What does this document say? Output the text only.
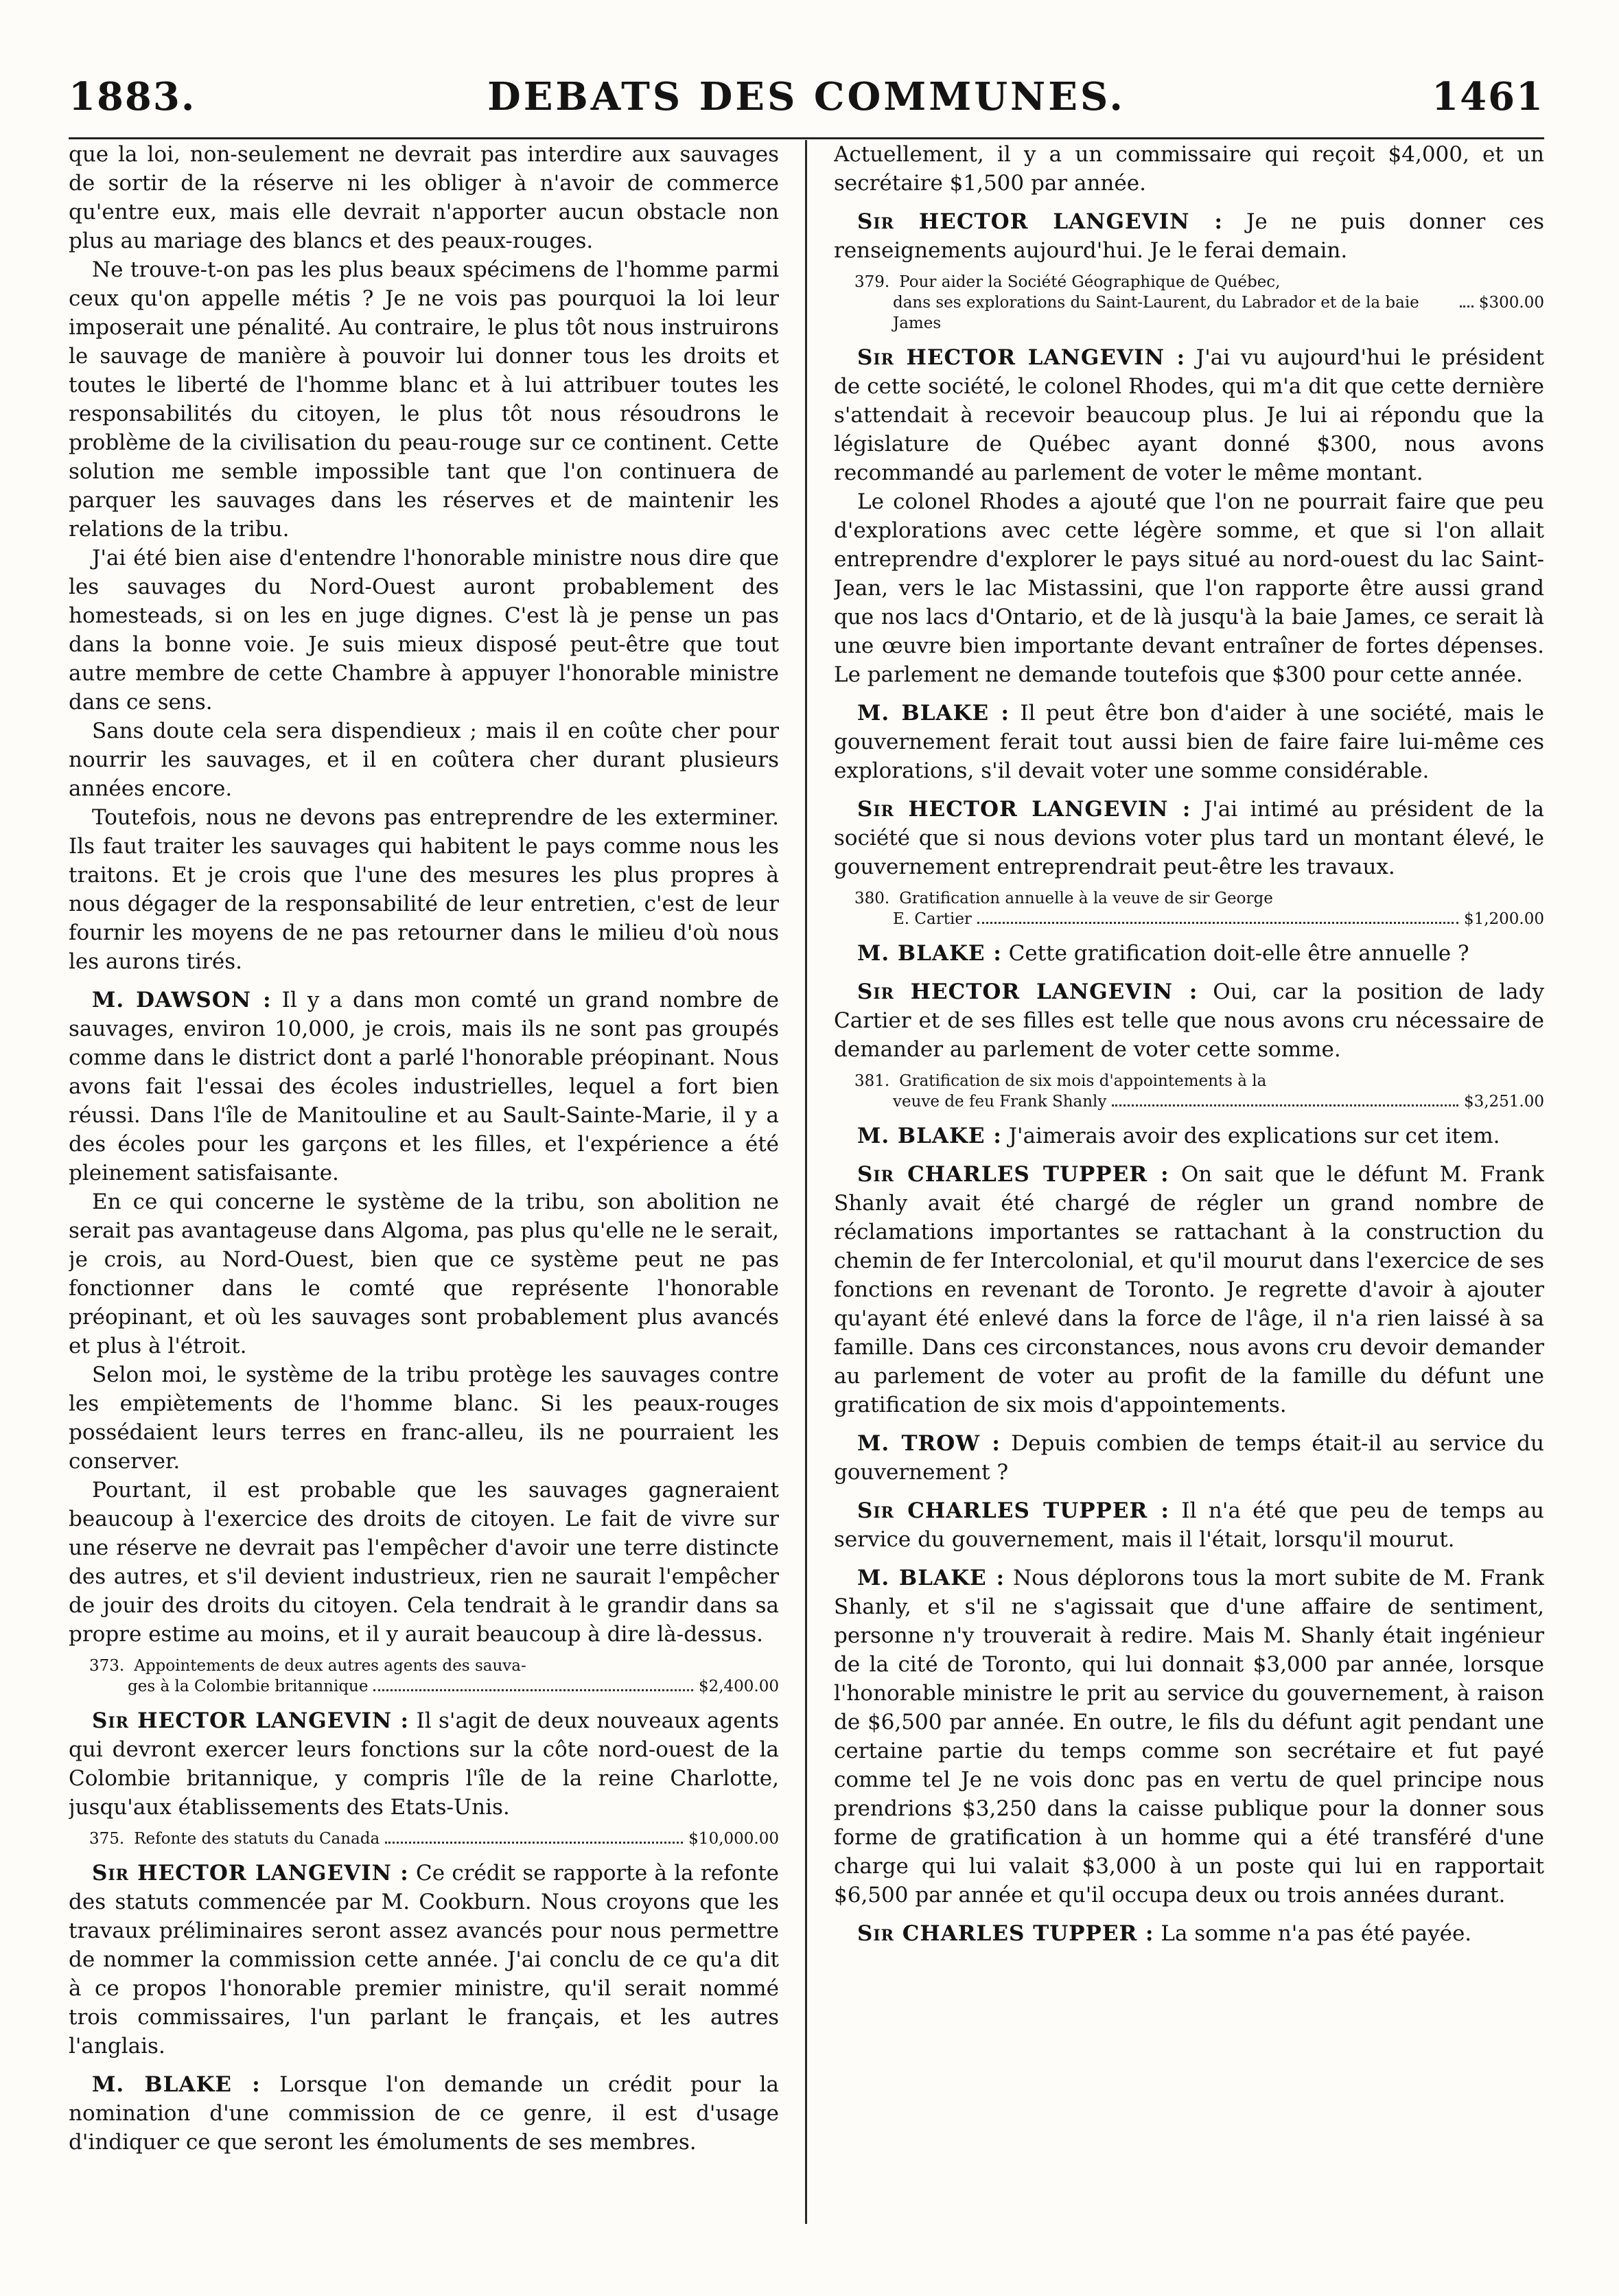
1883.	DEBATS DES COMMUNES.	1461

que la loi, non-seulement ne devrait pas interdire aux sauvages de sortir de la réserve ni les obliger à n'avoir de commerce qu'entre eux, mais elle devrait n'apporter aucun obstacle non plus au mariage des blancs et des peaux-rouges.

Ne trouve-t-on pas les plus beaux spécimens de l'homme parmi ceux qu'on appelle métis ? Je ne vois pas pourquoi la loi leur imposerait une pénalité. Au contraire, le plus tôt nous instruirons le sauvage de manière à pouvoir lui donner tous les droits et toutes le liberté de l'homme blanc et à lui attribuer toutes les responsabilités du citoyen, le plus tôt nous résoudrons le problème de la civilisation du peau-rouge sur ce continent. Cette solution me semble impossible tant que l'on continuera de parquer les sauvages dans les réserves et de maintenir les relations de la tribu.

J'ai été bien aise d'entendre l'honorable ministre nous dire que les sauvages du Nord-Ouest auront probablement des homesteads, si on les en juge dignes. C'est là je pense un pas dans la bonne voie. Je suis mieux disposé peut-être que tout autre membre de cette Chambre à appuyer l'honorable ministre dans ce sens.

Sans doute cela sera dispendieux ; mais il en coûte cher pour nourrir les sauvages, et il en coûtera cher durant plusieurs années encore.

Toutefois, nous ne devons pas entreprendre de les exterminer. Ils faut traiter les sauvages qui habitent le pays comme nous les traitons. Et je crois que l'une des mesures les plus propres à nous dégager de la responsabilité de leur entretien, c'est de leur fournir les moyens de ne pas retourner dans le milieu d'où nous les aurons tirés.

M. DAWSON : Il y a dans mon comté un grand nombre de sauvages, environ 10,000, je crois, mais ils ne sont pas groupés comme dans le district dont a parlé l'honorable préopinant. Nous avons fait l'essai des écoles industrielles, lequel a fort bien réussi. Dans l'île de Manitouline et au Sault-Sainte-Marie, il y a des écoles pour les garçons et les filles, et l'expérience a été pleinement satisfaisante.

En ce qui concerne le système de la tribu, son abolition ne serait pas avantageuse dans Algoma, pas plus qu'elle ne le serait, je crois, au Nord-Ouest, bien que ce système peut ne pas fonctionner dans le comté que représente l'honorable préopinant, et où les sauvages sont probablement plus avancés et plus à l'étroit.

Selon moi, le système de la tribu protège les sauvages contre les empiètements de l'homme blanc. Si les peaux-rouges possédaient leurs terres en franc-alleu, ils ne pourraient les conserver.

Pourtant, il est probable que les sauvages gagneraient beaucoup à l'exercice des droits de citoyen. Le fait de vivre sur une réserve ne devrait pas l'empêcher d'avoir une terre distincte des autres, et s'il devient industrieux, rien ne saurait l'empêcher de jouir des droits du citoyen. Cela tendrait à le grandir dans sa propre estime au moins, et il y aurait beaucoup à dire là-dessus.

373. Appointements de deux autres agents des sauva-
ges à la Colombie britannique	$2,400.00

Sir HECTOR LANGEVIN : Il s'agit de deux nouveaux agents qui devront exercer leurs fonctions sur la côte nord-ouest de la Colombie britannique, y compris l'île de la reine Charlotte, jusqu'aux établissements des Etats-Unis.

375. Refonte des statuts du Canada	$10,000.00

Sir HECTOR LANGEVIN : Ce crédit se rapporte à la refonte des statuts commencée par M. Cookburn. Nous croyons que les travaux préliminaires seront assez avancés pour nous permettre de nommer la commission cette année. J'ai conclu de ce qu'a dit à ce propos l'honorable premier ministre, qu'il serait nommé trois commissaires, l'un parlant le français, et les autres l'anglais.

M. BLAKE : Lorsque l'on demande un crédit pour la nomination d'une commission de ce genre, il est d'usage d'indiquer ce que seront les émoluments de ses membres.

Actuellement, il y a un commissaire qui reçoit $4,000, et un secrétaire $1,500 par année.

Sir HECTOR LANGEVIN : Je ne puis donner ces renseignements aujourd'hui. Je le ferai demain.

379. Pour aider la Société Géographique de Québec,
dans ses explorations du Saint-Laurent, du Labrador et de la baie James
$300.00

Sir HECTOR LANGEVIN : J'ai vu aujourd'hui le président de cette société, le colonel Rhodes, qui m'a dit que cette dernière s'attendait à recevoir beaucoup plus. Je lui ai répondu que la législature de Québec ayant donné $300, nous avons recommandé au parlement de voter le même montant.

Le colonel Rhodes a ajouté que l'on ne pourrait faire que peu d'explorations avec cette légère somme, et que si l'on allait entreprendre d'explorer le pays situé au nord-ouest du lac Saint-Jean, vers le lac Mistassini, que l'on rapporte être aussi grand que nos lacs d'Ontario, et de là jusqu'à la baie James, ce serait là une œuvre bien importante devant entraîner de fortes dépenses. Le parlement ne demande toutefois que $300 pour cette année.

M. BLAKE : Il peut être bon d'aider à une société, mais le gouvernement ferait tout aussi bien de faire faire lui-même ces explorations, s'il devait voter une somme considérable.

Sir HECTOR LANGEVIN : J'ai intimé au président de la société que si nous devions voter plus tard un montant élevé, le gouvernement entreprendrait peut-être les travaux.

380. Gratification annuelle à la veuve de sir George
E. Cartier	$1,200.00

M. BLAKE : Cette gratification doit-elle être annuelle ?

Sir HECTOR LANGEVIN : Oui, car la position de lady Cartier et de ses filles est telle que nous avons cru nécessaire de demander au parlement de voter cette somme.

381. Gratification de six mois d'appointements à la
veuve de feu Frank Shanly	$3,251.00

M. BLAKE : J'aimerais avoir des explications sur cet item.

Sir CHARLES TUPPER : On sait que le défunt M. Frank Shanly avait été chargé de régler un grand nombre de réclamations importantes se rattachant à la construction du chemin de fer Intercolonial, et qu'il mourut dans l'exercice de ses fonctions en revenant de Toronto. Je regrette d'avoir à ajouter qu'ayant été enlevé dans la force de l'âge, il n'a rien laissé à sa famille. Dans ces circonstances, nous avons cru devoir demander au parlement de voter au profit de la famille du défunt une gratification de six mois d'appointements.

M. TROW : Depuis combien de temps était-il au service du gouvernement ?

Sir CHARLES TUPPER : Il n'a été que peu de temps au service du gouvernement, mais il l'était, lorsqu'il mourut.

M. BLAKE : Nous déplorons tous la mort subite de M. Frank Shanly, et s'il ne s'agissait que d'une affaire de sentiment, personne n'y trouverait à redire. Mais M. Shanly était ingénieur de la cité de Toronto, qui lui donnait $3,000 par année, lorsque l'honorable ministre le prit au service du gouvernement, à raison de $6,500 par année. En outre, le fils du défunt agit pendant une certaine partie du temps comme son secrétaire et fut payé comme tel Je ne vois donc pas en vertu de quel principe nous prendrions $3,250 dans la caisse publique pour la donner sous forme de gratification à un homme qui a été transféré d'une charge qui lui valait $3,000 à un poste qui lui en rapportait $6,500 par année et qu'il occupa deux ou trois années durant.

Sir CHARLES TUPPER : La somme n'a pas été payée.
